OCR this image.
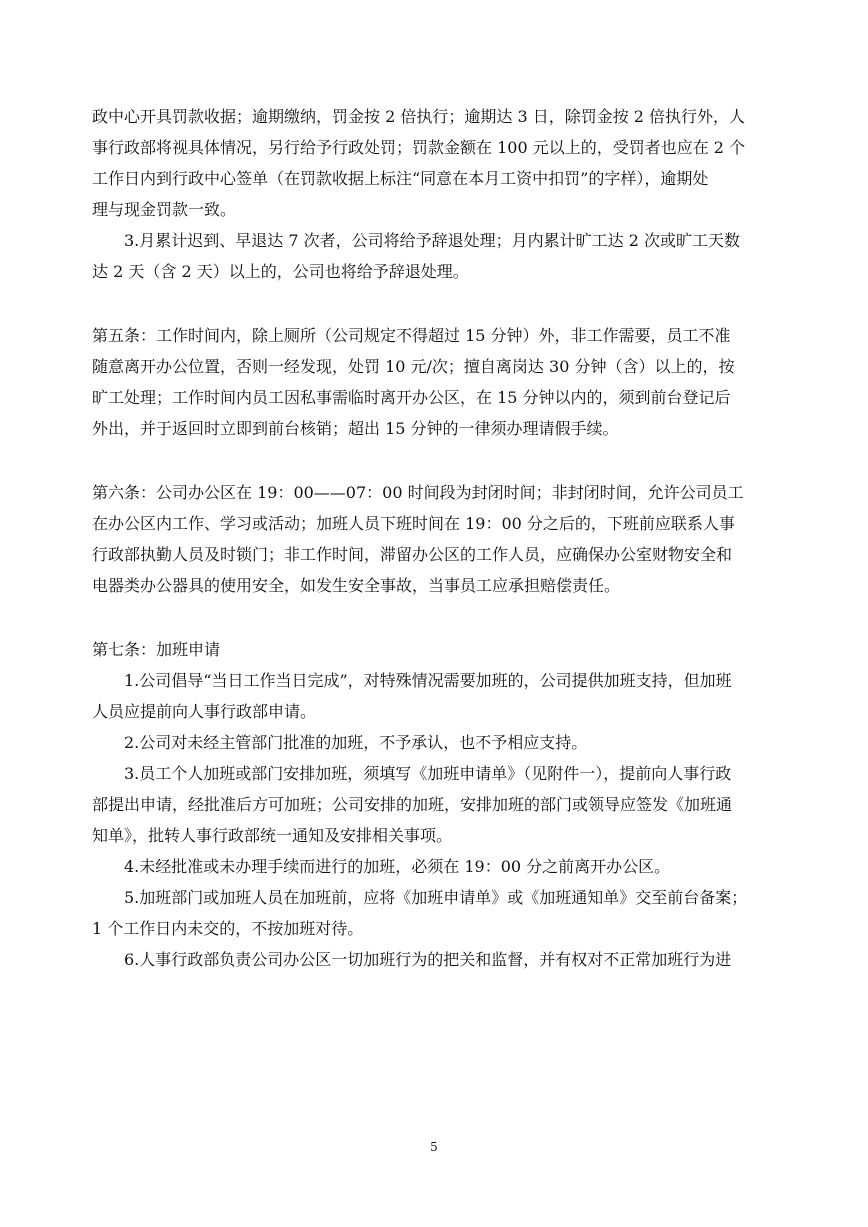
政中心开具罚款收据；逾期缴纳，罚金按 2 倍执行；逾期达 3 日，除罚金按 2 倍执行外，人
事行政部将视具体情况，另行给予行政处罚；罚款金额在 100 元以上的，受罚者也应在 2 个
工作日内到行政中心签单（在罚款收据上标注“同意在本月工资中扣罚”的字样），逾期处
理与现金罚款一致。
3.月累计迟到、早退达 7 次者，公司将给予辞退处理；月内累计旷工达 2 次或旷工天数
达 2 天（含 2 天）以上的，公司也将给予辞退处理。
第五条：工作时间内，除上厕所（公司规定不得超过 15 分钟）外，非工作需要，员工不准
随意离开办公位置，否则一经发现，处罚 10 元/次；擅自离岗达 30 分钟（含）以上的，按
旷工处理；工作时间内员工因私事需临时离开办公区，在 15 分钟以内的，须到前台登记后
外出，并于返回时立即到前台核销；超出 15 分钟的一律须办理请假手续。
第六条：公司办公区在 19：00——07：00 时间段为封闭时间；非封闭时间，允许公司员工
在办公区内工作、学习或活动；加班人员下班时间在 19：00 分之后的，下班前应联系人事
行政部执勤人员及时锁门；非工作时间，滞留办公区的工作人员，应确保办公室财物安全和
电器类办公器具的使用安全，如发生安全事故，当事员工应承担赔偿责任。
第七条：加班申请
1.公司倡导“当日工作当日完成”，对特殊情况需要加班的，公司提供加班支持，但加班
人员应提前向人事行政部申请。
2.公司对未经主管部门批准的加班，不予承认，也不予相应支持。
3.员工个人加班或部门安排加班，须填写《加班申请单》（见附件一），提前向人事行政
部提出申请，经批准后方可加班；公司安排的加班，安排加班的部门或领导应签发《加班通
知单》，批转人事行政部统一通知及安排相关事项。
4.未经批准或未办理手续而进行的加班，必须在 19：00 分之前离开办公区。
5.加班部门或加班人员在加班前，应将《加班申请单》或《加班通知单》交至前台备案；
1 个工作日内未交的，不按加班对待。
6.人事行政部负责公司办公区一切加班行为的把关和监督，并有权对不正常加班行为进
5
